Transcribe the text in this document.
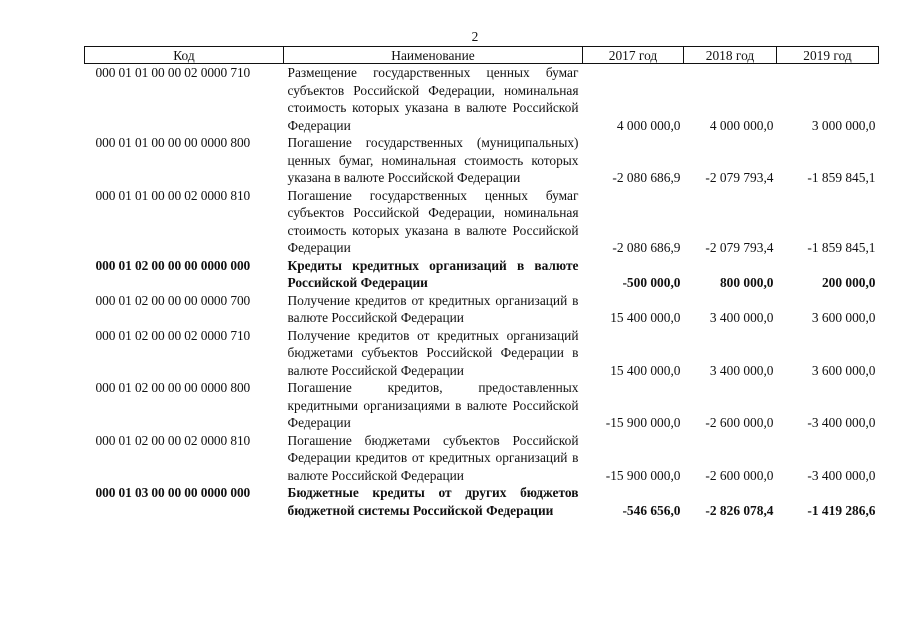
2
Код	Наименование	2017 год	2018 год	2019 год
000 01 01 00 00 02 0000 710	Размещение государственных ценных бумаг субъектов Российской Федерации, номинальная стоимость которых указана в валюте Российской Федерации	4 000 000,0	4 000 000,0	3 000 000,0
000 01 01 00 00 00 0000 800	Погашение государственных (муниципальных) ценных бумаг, номинальная стоимость которых указана в валюте Российской Федерации	-2 080 686,9	-2 079 793,4	-1 859 845,1
000 01 01 00 00 02 0000 810	Погашение государственных ценных бумаг субъектов Российской Федерации, номинальная стоимость которых указана в валюте Российской Федерации	-2 080 686,9	-2 079 793,4	-1 859 845,1
000 01 02 00 00 00 0000 000	Кредиты кредитных организаций в валюте Российской Федерации	-500 000,0	800 000,0	200 000,0
000 01 02 00 00 00 0000 700	Получение кредитов от кредитных организаций в валюте Российской Федерации	15 400 000,0	3 400 000,0	3 600 000,0
000 01 02 00 00 02 0000 710	Получение кредитов от кредитных организаций бюджетами субъектов Российской Федерации в валюте Российской Федерации	15 400 000,0	3 400 000,0	3 600 000,0
000 01 02 00 00 00 0000 800	Погашение кредитов, предоставленных кредитными организациями в валюте Российской Федерации	-15 900 000,0	-2 600 000,0	-3 400 000,0
000 01 02 00 00 02 0000 810	Погашение бюджетами субъектов Российской Федерации кредитов от кредитных организаций в валюте Российской Федерации	-15 900 000,0	-2 600 000,0	-3 400 000,0
000 01 03 00 00 00 0000 000	Бюджетные кредиты от других бюджетов бюджетной системы Российской Федерации	-546 656,0	-2 826 078,4	-1 419 286,6
